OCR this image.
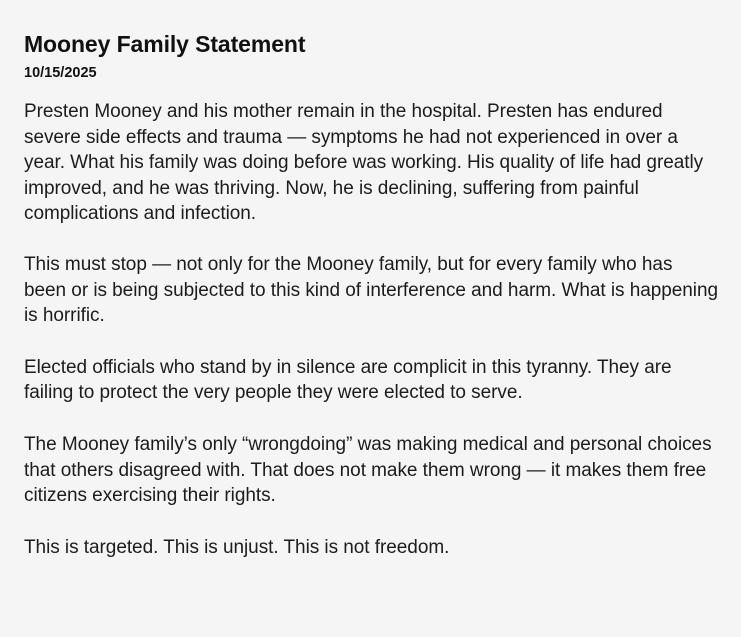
Mooney Family Statement
10/15/2025

Presten Mooney and his mother remain in the hospital. Presten has endured severe side effects and trauma — symptoms he had not experienced in over a year. What his family was doing before was working. His quality of life had greatly improved, and he was thriving. Now, he is declining, suffering from painful complications and infection.

This must stop — not only for the Mooney family, but for every family who has been or is being subjected to this kind of interference and harm. What is happening is horrific.

Elected officials who stand by in silence are complicit in this tyranny. They are failing to protect the very people they were elected to serve.

The Mooney family’s only “wrongdoing” was making medical and personal choices that others disagreed with. That does not make them wrong — it makes them free citizens exercising their rights.

This is targeted. This is unjust. This is not freedom.
